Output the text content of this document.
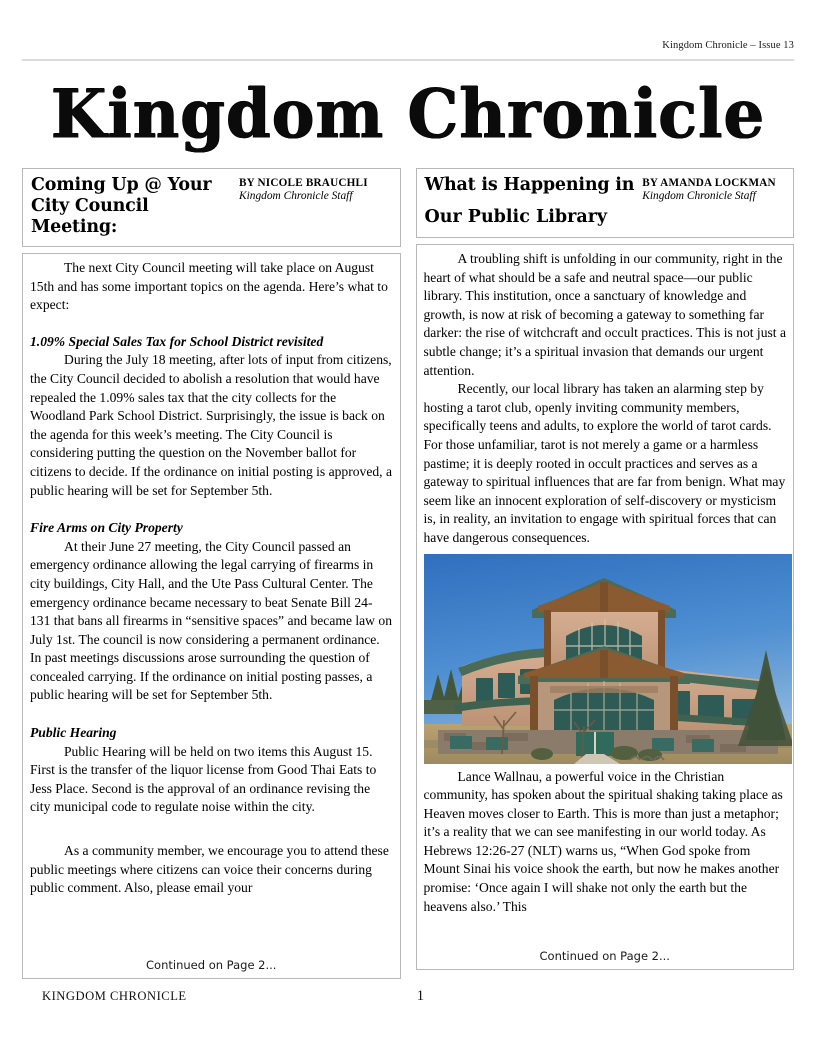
Kingdom Chronicle – Issue 13
Kingdom Chronicle
Coming Up @ Your
City Council Meeting:
BY NICOLE BRAUCHLI
Kingdom Chronicle Staff

The next City Council meeting will take place on August 15th and has some important topics on the agenda. Here’s what to expect:

1.09% Special Sales Tax for School District revisited

During the July 18 meeting, after lots of input from citizens, the City Council decided to abolish a resolution that would have repealed the 1.09% sales tax that the city collects for the Woodland Park School District. Surprisingly, the issue is back on the agenda for this week’s meeting. The City Council is considering putting the question on the November ballot for citizens to decide. If the ordinance on initial posting is approved, a public hearing will be set for September 5th.

Fire Arms on City Property

At their June 27 meeting, the City Council passed an emergency ordinance allowing the legal carrying of firearms in city buildings, City Hall, and the Ute Pass Cultural Center. The emergency ordinance became necessary to beat Senate Bill 24-131 that bans all firearms in “sensitive spaces” and became law on July 1st. The council is now considering a permanent ordinance. In past meetings discussions arose surrounding the question of concealed carrying. If the ordinance on initial posting passes, a public hearing will be set for September 5th.

Public Hearing

Public Hearing will be held on two items this August 15. First is the transfer of the liquor license from Good Thai Eats to Jess Place. Second is the approval of an ordinance revising the city municipal code to regulate noise within the city.

As a community member, we encourage you to attend these public meetings where citizens can voice their concerns during public comment. Also, please email your

Continued on Page 2...
What is Happening in BY AMANDA LOCKMAN
Kingdom Chronicle Staff
Our Public Library

A troubling shift is unfolding in our community, right in the heart of what should be a safe and neutral space—our public library. This institution, once a sanctuary of knowledge and growth, is now at risk of becoming a gateway to something far darker: the rise of witchcraft and occult practices. This is not just a subtle change; it’s a spiritual invasion that demands our urgent attention.

Recently, our local library has taken an alarming step by hosting a tarot club, openly inviting community members, specifically teens and adults, to explore the world of tarot cards. For those unfamiliar, tarot is not merely a game or a harmless pastime; it is deeply rooted in occult practices and serves as a gateway to spiritual influences that are far from benign. What may seem like an innocent exploration of self-discovery or mysticism is, in reality, an invitation to engage with spiritual forces that can have dangerous consequences.

Lance Wallnau, a powerful voice in the Christian community, has spoken about the spiritual shaking taking place as Heaven moves closer to Earth. This is more than just a metaphor; it’s a reality that we can see manifesting in our world today. As Hebrews 12:26-27 (NLT) warns us, “When God spoke from Mount Sinai his voice shook the earth, but now he makes another promise: ‘Once again I will shake not only the earth but the heavens also.’ This

Continued on Page 2...
KINGDOM CHRONICLE	1
